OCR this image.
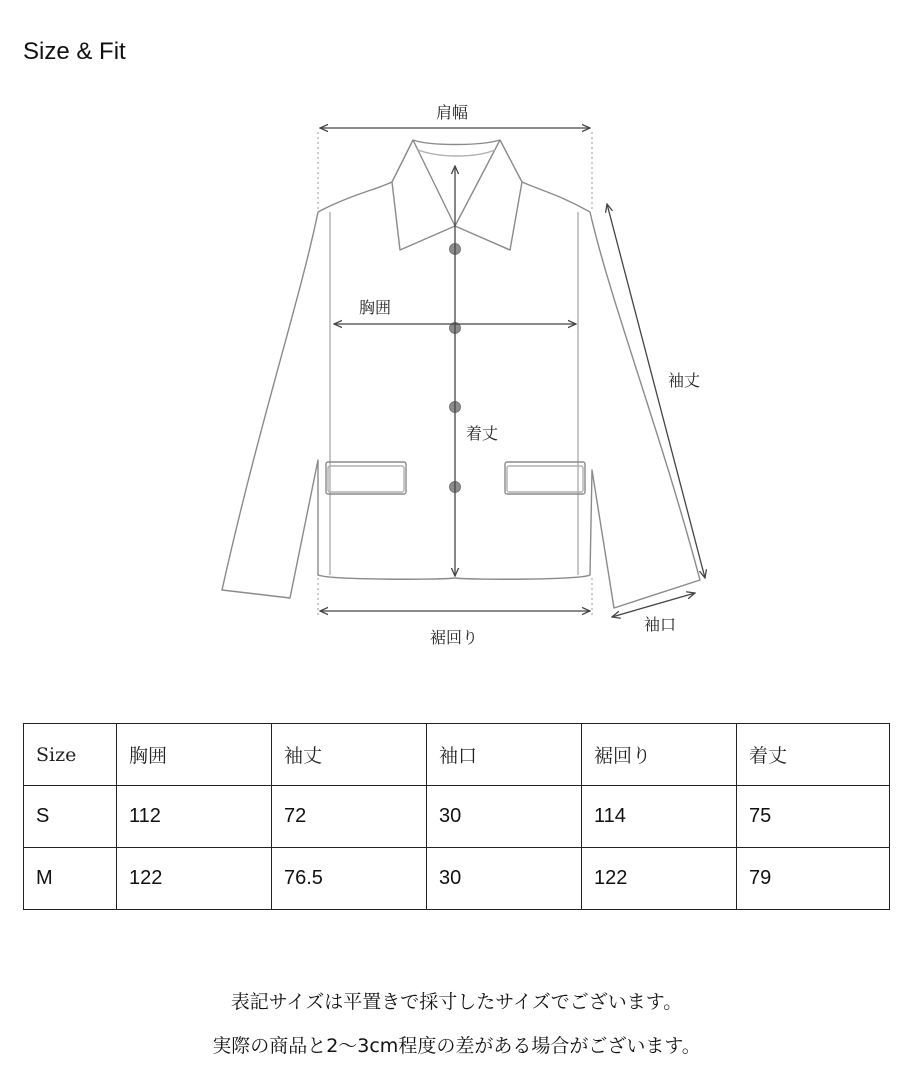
Size & Fit
肩幅
胸囲
袖丈
着丈
裾回り
袖口
Size	胸囲	袖丈	袖口	裾回り	着丈
S	112	72	30	114	75
M	122	76.5	30	122	79
表記サイズは平置きで採寸したサイズでございます。
実際の商品と2〜3cm程度の差がある場合がございます。
